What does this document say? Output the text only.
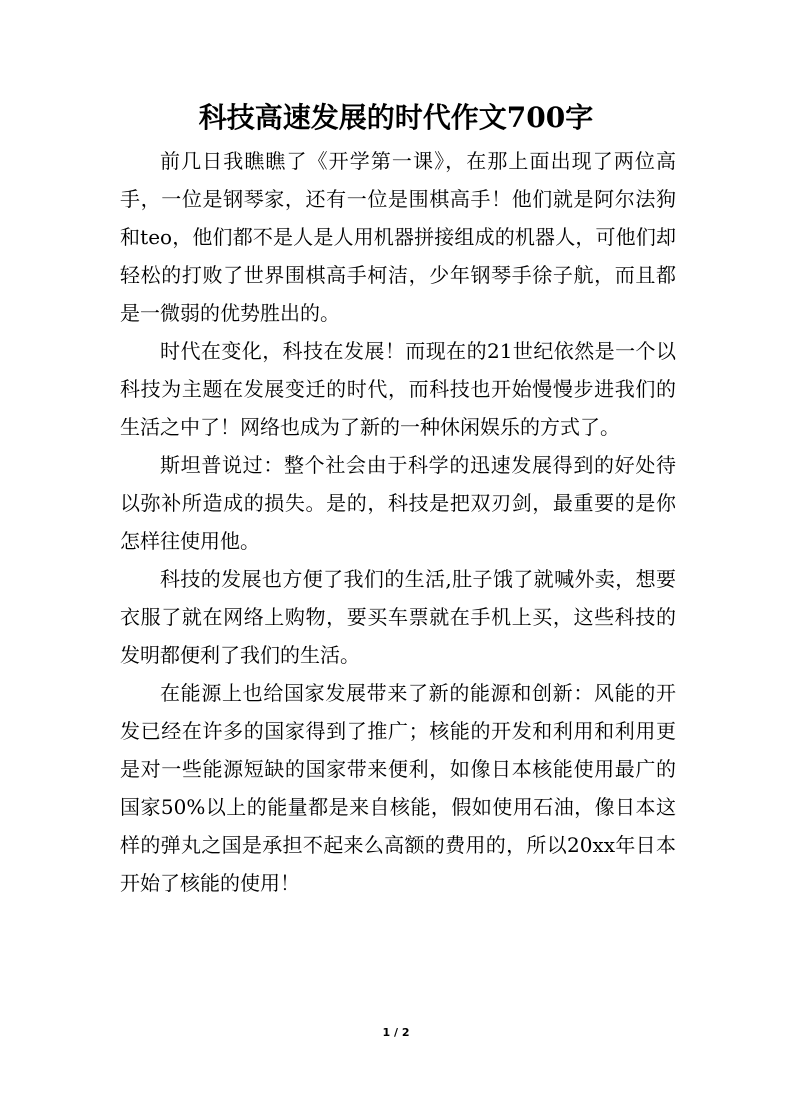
科技高速发展的时代作文700字

前几日我瞧瞧了《开学第一课》，在那上面出现了两位高手，一位是钢琴家，还有一位是围棋高手！他们就是阿尔法狗和teo，他们都不是人是人用机器拼接组成的机器人，可他们却轻松的打败了世界围棋高手柯洁，少年钢琴手徐子航，而且都是一微弱的优势胜出的。

时代在变化，科技在发展！而现在的21世纪依然是一个以科技为主题在发展变迁的时代，而科技也开始慢慢步进我们的生活之中了！网络也成为了新的一种休闲娱乐的方式了。

斯坦普说过：整个社会由于科学的迅速发展得到的好处待以弥补所造成的损失。是的，科技是把双刃剑，最重要的是你怎样往使用他。

科技的发展也方便了我们的生活,肚子饿了就喊外卖，想要衣服了就在网络上购物，要买车票就在手机上买，这些科技的发明都便利了我们的生活。

在能源上也给国家发展带来了新的能源和创新：风能的开发已经在许多的国家得到了推广；核能的开发和利用和利用更是对一些能源短缺的国家带来便利，如像日本核能使用最广的国家50%以上的能量都是来自核能，假如使用石油，像日本这样的弹丸之国是承担不起来么高额的费用的，所以20xx年日本开始了核能的使用！

1 / 2
